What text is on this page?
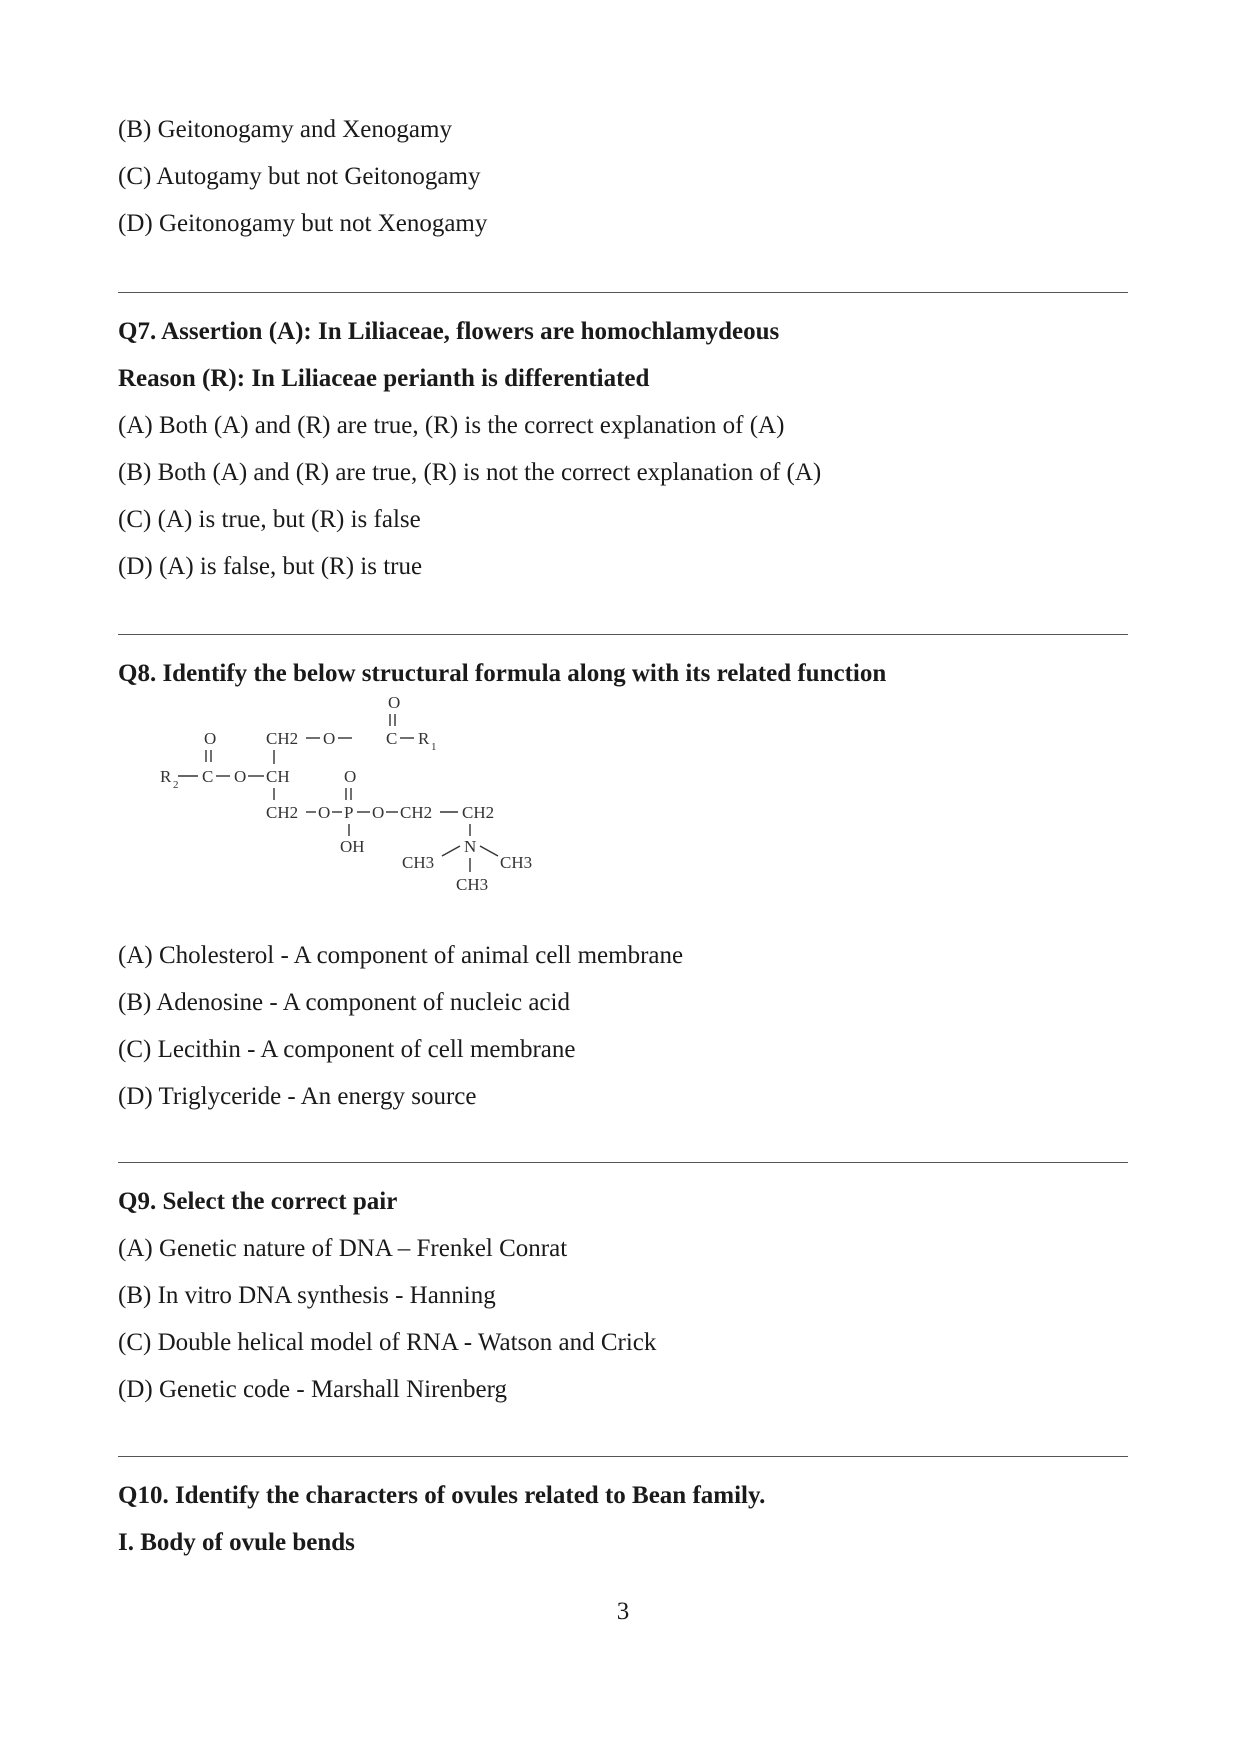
(B) Geitonogamy and Xenogamy
(C) Autogamy but not Geitonogamy
(D) Geitonogamy but not Xenogamy
Q7. Assertion (A): In Liliaceae, flowers are homochlamydeous
Reason (R): In Liliaceae perianth is differentiated
(A) Both (A) and (R) are true, (R) is the correct explanation of (A)
(B) Both (A) and (R) are true, (R) is not the correct explanation of (A)
(C) (A) is true, but (R) is false
(D) (A) is false, but (R) is true
Q8. Identify the below structural formula along with its related function
O
CH2 O	C R 1
O
R 2 C O CH	O
CH2 O P O CH2 CH2
OH	N
CH3	CH3
CH3
(A) Cholesterol - A component of animal cell membrane
(B) Adenosine - A component of nucleic acid
(C) Lecithin - A component of cell membrane
(D) Triglyceride - An energy source
Q9. Select the correct pair
(A) Genetic nature of DNA – Frenkel Conrat
(B) In vitro DNA synthesis - Hanning
(C) Double helical model of RNA - Watson and Crick
(D) Genetic code - Marshall Nirenberg
Q10. Identify the characters of ovules related to Bean family.
I. Body of ovule bends
3
